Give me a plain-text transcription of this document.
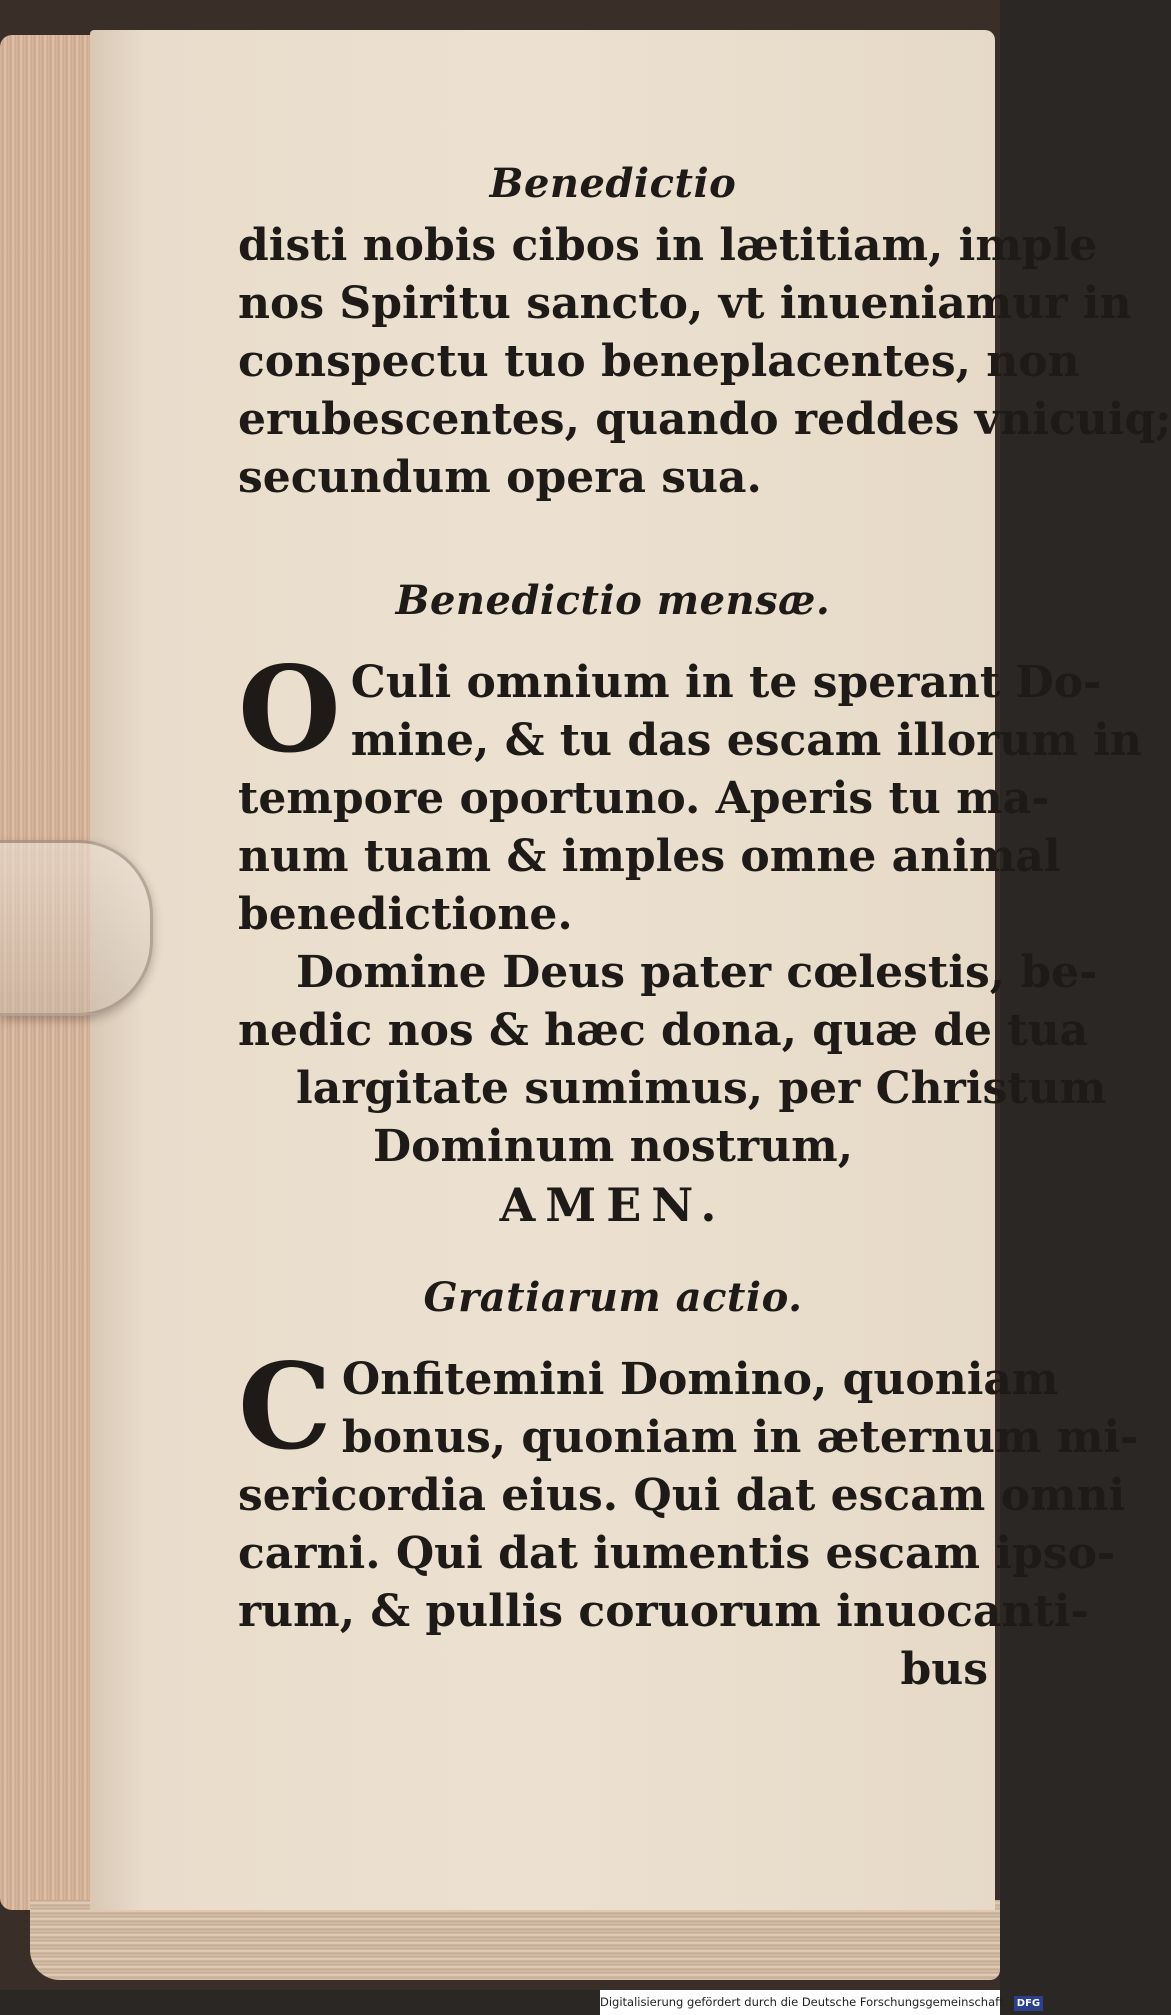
Benedictio
disti nobis cibos in lætitiam, imple
nos Spiritu sancto, vt inueniamur in
conspectu tuo beneplacentes, non
erubescentes, quando reddes vnicuiq;
secundum opera sua.
Benedictio mensæ.
O Culi omnium in te sperant Do-
mine, & tu das escam illorum in
tempore oportuno. Aperis tu ma-
num tuam & imples omne animal
benedictione.
Domine Deus pater cœlestis, be-
nedic nos & hæc dona, quæ de tua
largitate sumimus, per Christum
Dominum nostrum,
AMEN.
Gratiarum actio.
C Onfitemini Domino, quoniam
bonus, quoniam in æternum mi-
sericordia eius. Qui dat escam omni
carni. Qui dat iumentis escam ipso-
rum, & pullis coruorum inuocanti-
bus
Digitalisierung gefördert durch die Deutsche Forschungsgemeinschaft · DFG
